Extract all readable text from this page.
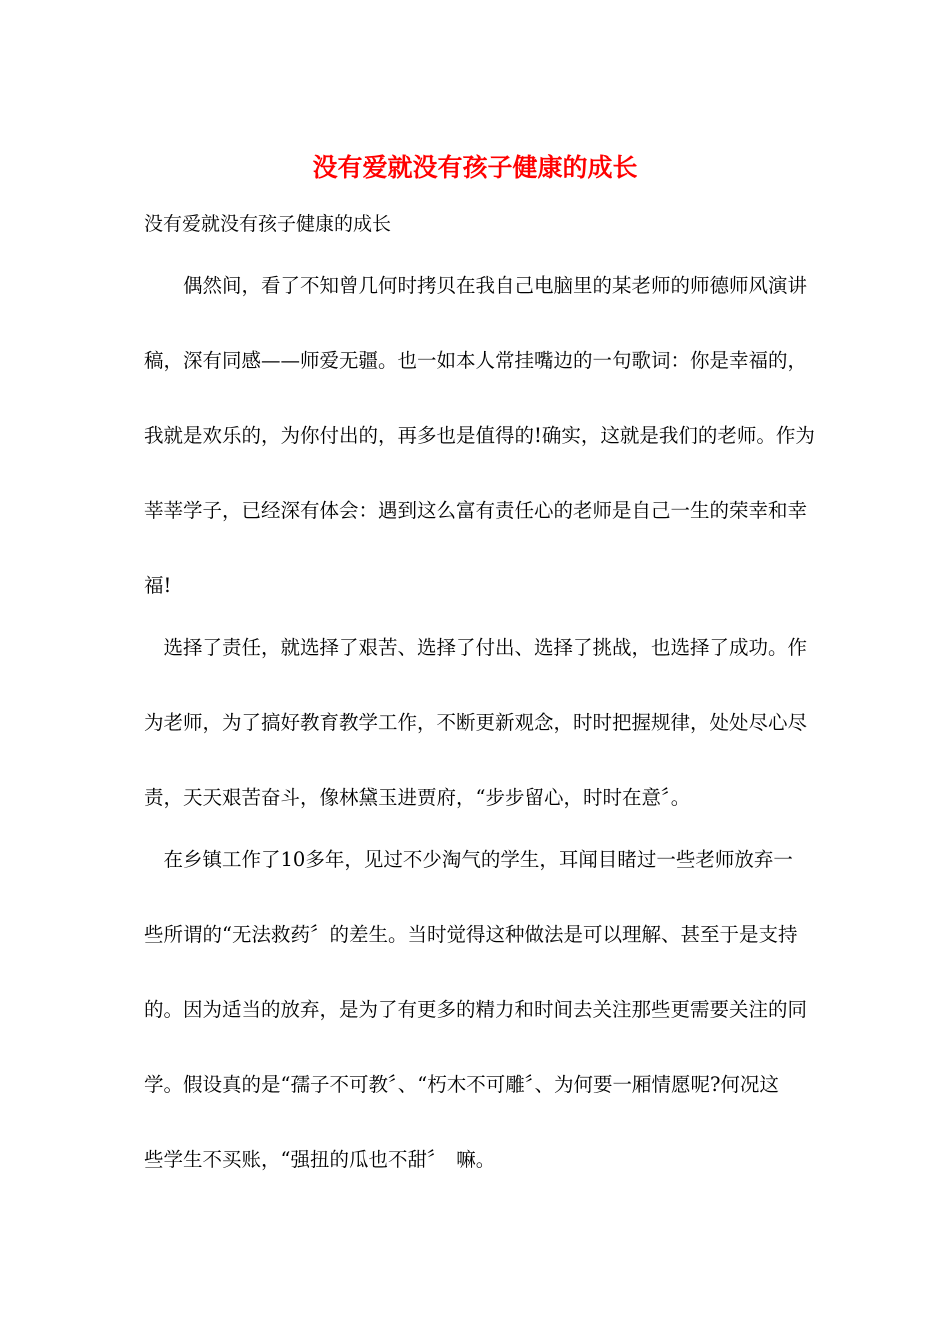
没有爱就没有孩子健康的成长
没有爱就没有孩子健康的成长
　　偶然间，看了不知曾几何时拷贝在我自己电脑里的某老师的师德师风演讲
稿，深有同感——师爱无疆。也一如本人常挂嘴边的一句歌词：你是幸福的，
我就是欢乐的，为你付出的，再多也是值得的!确实，这就是我们的老师。作为
莘莘学子，已经深有体会：遇到这么富有责任心的老师是自己一生的荣幸和幸
福!
　选择了责任，就选择了艰苦、选择了付出、选择了挑战，也选择了成功。作
为老师，为了搞好教育教学工作，不断更新观念，时时把握规律，处处尽心尽
责，天天艰苦奋斗，像林黛玉进贾府，“步步留心，时时在意〞。
　在乡镇工作了10多年，见过不少淘气的学生，耳闻目睹过一些老师放弃一
些所谓的“无法救药〞的差生。当时觉得这种做法是可以理解、甚至于是支持
的。因为适当的放弃，是为了有更多的精力和时间去关注那些更需要关注的同
学。假设真的是“孺子不可教〞、“朽木不可雕〞、为何要一厢情愿呢?何况这
些学生不买账，“强扭的瓜也不甜〞　嘛。
